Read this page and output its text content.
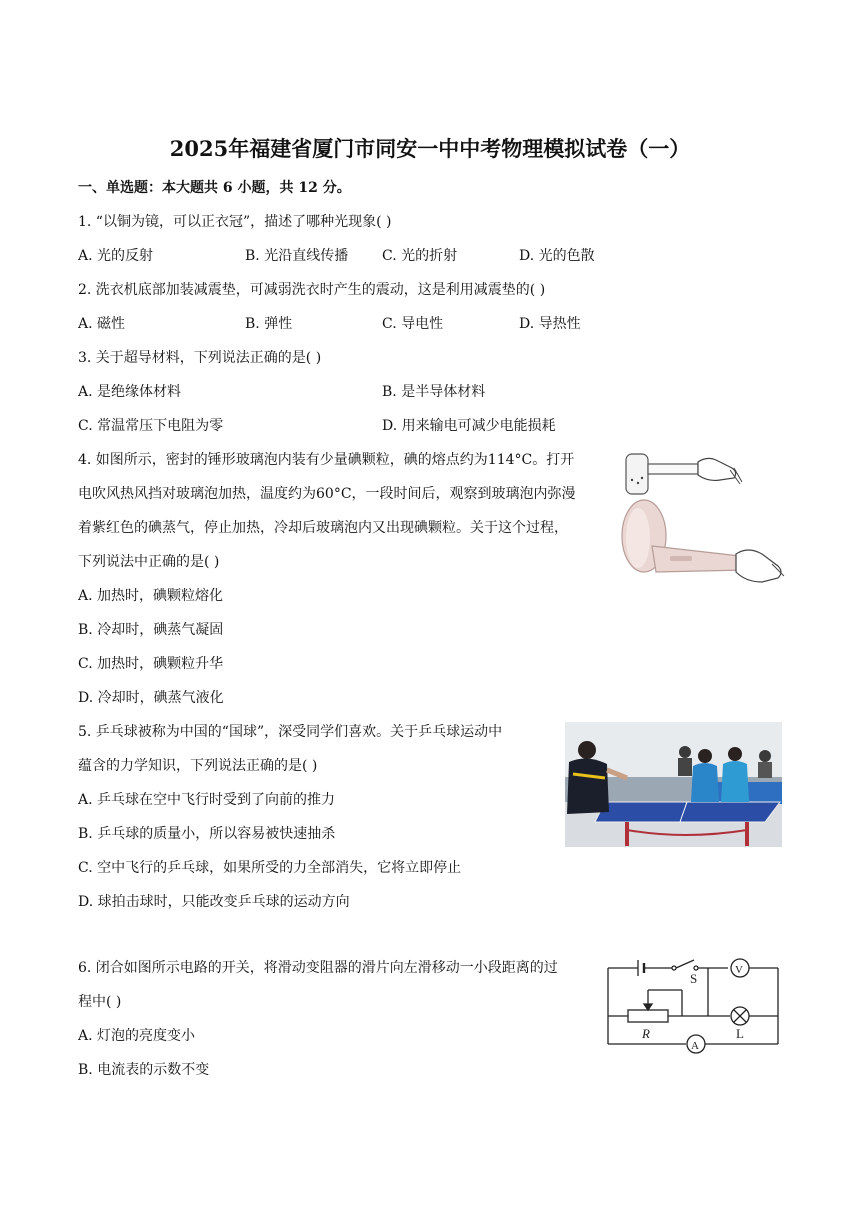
2025年福建省厦门市同安一中中考物理模拟试卷（一）
一、单选题：本大题共 6 小题，共 12 分。
1. “以铜为镜，可以正衣冠”，描述了哪种光现象( )
A. 光的反射	B. 光沿直线传播 C. 光的折射	D. 光的色散
2. 洗衣机底部加装减震垫，可减弱洗衣时产生的震动，这是利用减震垫的( )
A. 磁性	B. 弹性	C. 导电性	D. 导热性
3. 关于超导材料，下列说法正确的是( )
A. 是绝缘体材料	B. 是半导体材料
C. 常温常压下电阻为零	D. 用来输电可减少电能损耗
4. 如图所示，密封的锤形玻璃泡内装有少量碘颗粒，碘的熔点约为114°C。打开
电吹风热风挡对玻璃泡加热，温度约为60°C，一段时间后，观察到玻璃泡内弥漫
着紫红色的碘蒸气，停止加热，冷却后玻璃泡内又出现碘颗粒。关于这个过程，
下列说法中正确的是( )
A. 加热时，碘颗粒熔化
B. 冷却时，碘蒸气凝固
C. 加热时，碘颗粒升华
D. 冷却时，碘蒸气液化
5. 乒乓球被称为中国的“国球”，深受同学们喜欢。关于乒乓球运动中
蕴含的力学知识，下列说法正确的是( )
A. 乒乓球在空中飞行时受到了向前的推力
B. 乒乓球的质量小，所以容易被快速抽杀
C. 空中飞行的乒乓球，如果所受的力全部消失，它将立即停止
D. 球拍击球时，只能改变乒乓球的运动方向
6. 闭合如图所示电路的开关，将滑动变阻器的滑片向左滑移动一小段距离的过
程中( )
A. 灯泡的亮度变小
B. 电流表的示数不变
S
V
R
A
L
